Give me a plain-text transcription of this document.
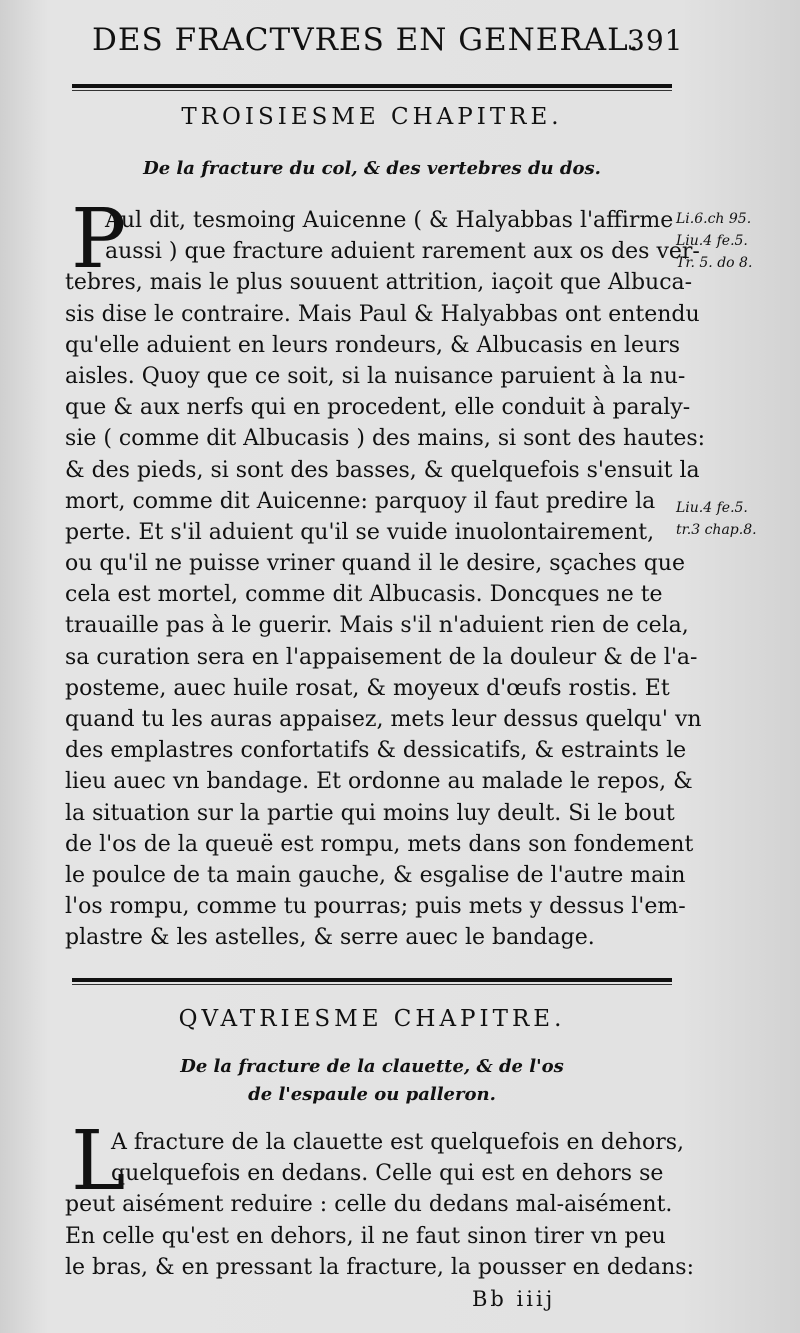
DES FRACTVRES EN GENERAL.
391
TROISIESME CHAPITRE.
De la fracture du col, & des vertebres du dos.
P
Aul dit, tesmoing Auicenne ( & Halyabbas l'affirme
aussi ) que fracture aduient rarement aux os des ver-
tebres, mais le plus souuent attrition, iaçoit que Albuca-
sis dise le contraire. Mais Paul & Halyabbas ont entendu
qu'elle aduient en leurs rondeurs, & Albucasis en leurs
aisles. Quoy que ce soit, si la nuisance paruient à la nu-
que & aux nerfs qui en procedent, elle conduit à paraly-
sie ( comme dit Albucasis ) des mains, si sont des hautes:
& des pieds, si sont des basses, & quelquefois s'ensuit la
mort, comme dit Auicenne: parquoy il faut predire la
perte. Et s'il aduient qu'il se vuide inuolontairement,
ou qu'il ne puisse vriner quand il le desire, sçaches que
cela est mortel, comme dit Albucasis. Doncques ne te
trauaille pas à le guerir. Mais s'il n'aduient rien de cela,
sa curation sera en l'appaisement de la douleur & de l'a-
posteme, auec huile rosat, & moyeux d'œufs rostis. Et
quand tu les auras appaisez, mets leur dessus quelqu' vn
des emplastres confortatifs & dessicatifs, & estraints le
lieu auec vn bandage. Et ordonne au malade le repos, &
la situation sur la partie qui moins luy deult. Si le bout
de l'os de la queuë est rompu, mets dans son fondement
le poulce de ta main gauche, & esgalise de l'autre main
l'os rompu, comme tu pourras; puis mets y dessus l'em-
plastre & les astelles, & serre auec le bandage.
Li.6.ch 95.
Liu.4 fe.5.
Tr. 5. do 8.
Liu.4 fe.5.
tr.3 chap.8.
QVATRIESME CHAPITRE.
De la fracture de la clauette, & de l'os
de l'espaule ou palleron.
L
A fracture de la clauette est quelquefois en dehors,
quelquefois en dedans. Celle qui est en dehors se
peut aisément reduire : celle du dedans mal-aisément.
En celle qu'est en dehors, il ne faut sinon tirer vn peu
le bras, & en pressant la fracture, la pousser en dedans:
Bb iiij
